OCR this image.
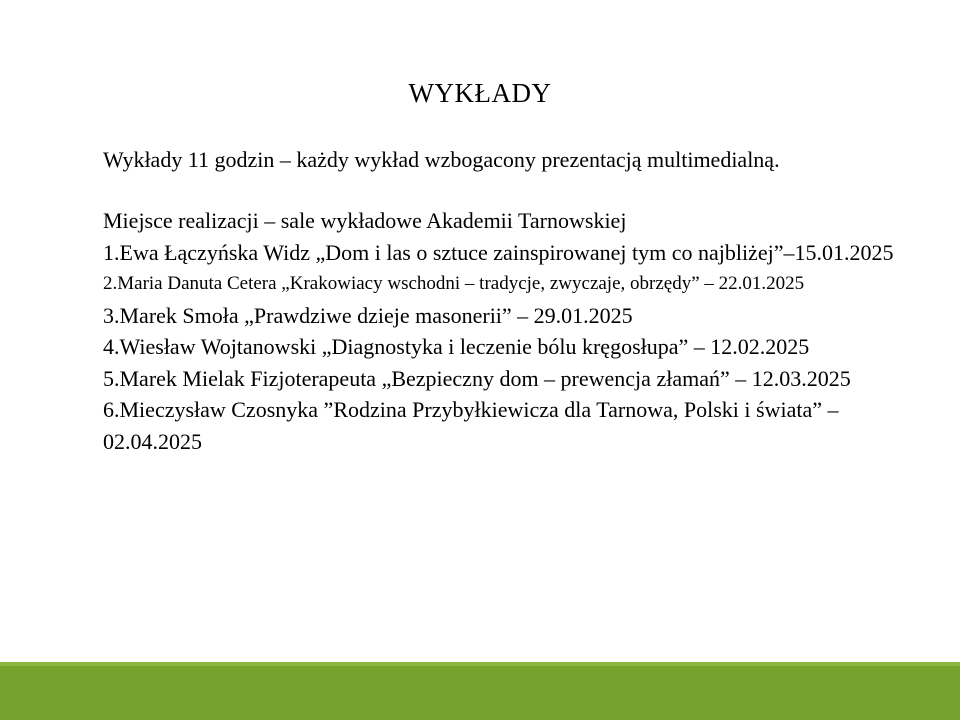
WYKŁADY

Wykłady 11 godzin – każdy wykład wzbogacony prezentacją multimedialną.

Miejsce realizacji – sale wykładowe Akademii Tarnowskiej
1.Ewa Łączyńska Widz „Dom i las o sztuce zainspirowanej tym co najbliżej”–15.01.2025
2.Maria Danuta Cetera „Krakowiacy wschodni – tradycje, zwyczaje, obrzędy” – 22.01.2025
3.Marek Smoła „Prawdziwe dzieje masonerii” – 29.01.2025
4.Wiesław Wojtanowski „Diagnostyka i leczenie bólu kręgosłupa” – 12.02.2025
5.Marek Mielak Fizjoterapeuta „Bezpieczny dom – prewencja złamań” – 12.03.2025
6.Mieczysław Czosnyka ”Rodzina Przybyłkiewicza dla Tarnowa, Polski i świata” – 02.04.2025
